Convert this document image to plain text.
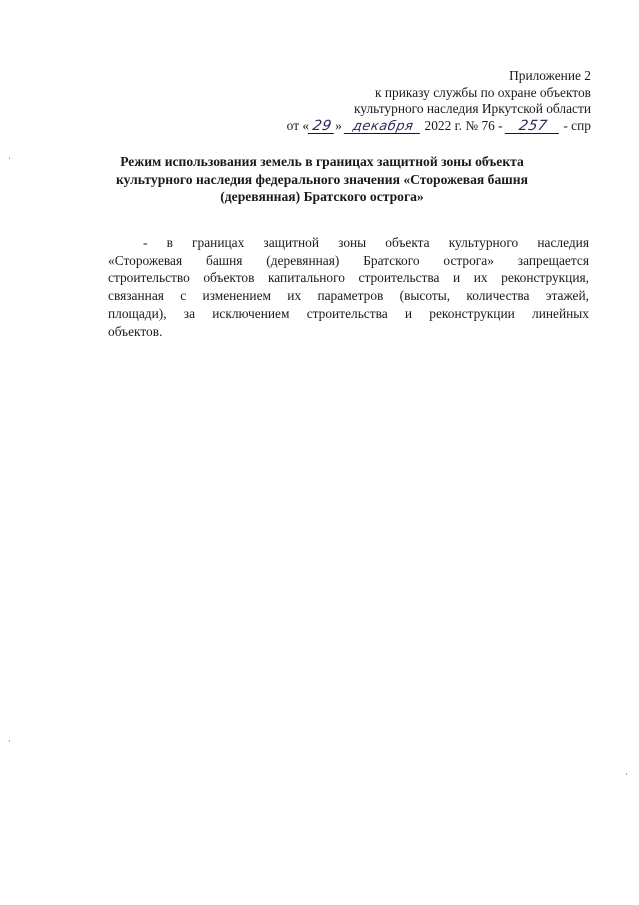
Приложение 2
к приказу службы по охране объектов
культурного наследия Иркутской области
от « 29 » декабря 2022 г. № 76 - 257 - спр
Режим использования земель в границах защитной зоны объекта
культурного наследия федерального значения «Сторожевая башня
(деревянная) Братского острога»
- в границах защитной зоны объекта культурного наследия
«Сторожевая башня (деревянная) Братского острога» запрещается
строительство объектов капитального строительства и их реконструкция,
связанная с изменением их параметров (высоты, количества этажей,
площади), за исключением строительства и реконструкции линейных
объектов.
